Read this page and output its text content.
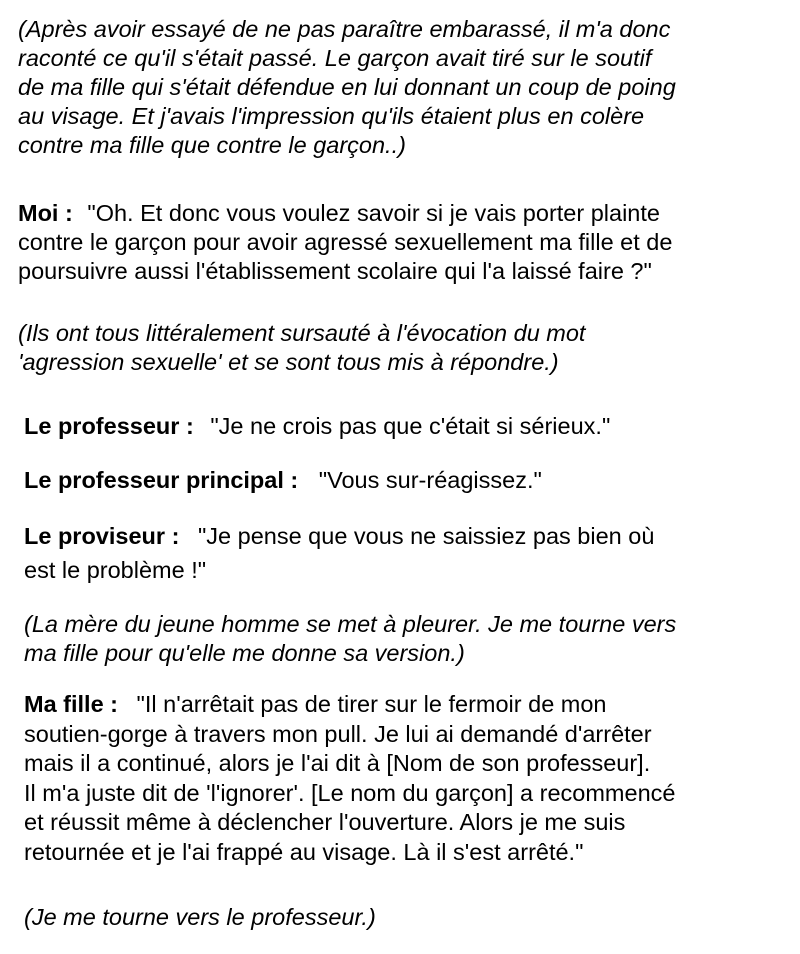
(Après avoir essayé de ne pas paraître embarassé, il m'a donc
raconté ce qu'il s'était passé. Le garçon avait tiré sur le soutif
de ma fille qui s'était défendue en lui donnant un coup de poing
au visage. Et j'avais l'impression qu'ils étaient plus en colère
contre ma fille que contre le garçon..)
Moi : "Oh. Et donc vous voulez savoir si je vais porter plainte
contre le garçon pour avoir agressé sexuellement ma fille et de
poursuivre aussi l'établissement scolaire qui l'a laissé faire ?"
(Ils ont tous littéralement sursauté à l'évocation du mot
'agression sexuelle' et se sont tous mis à répondre.)
Le professeur : "Je ne crois pas que c'était si sérieux."
Le professeur principal : "Vous sur-réagissez."
Le proviseur : "Je pense que vous ne saissiez pas bien où
est le problème !"
(La mère du jeune homme se met à pleurer. Je me tourne vers
ma fille pour qu'elle me donne sa version.)
Ma fille : "Il n'arrêtait pas de tirer sur le fermoir de mon
soutien-gorge à travers mon pull. Je lui ai demandé d'arrêter
mais il a continué, alors je l'ai dit à [Nom de son professeur].
Il m'a juste dit de 'l'ignorer'. [Le nom du garçon] a recommencé
et réussit même à déclencher l'ouverture. Alors je me suis
retournée et je l'ai frappé au visage. Là il s'est arrêté."
(Je me tourne vers le professeur.)
